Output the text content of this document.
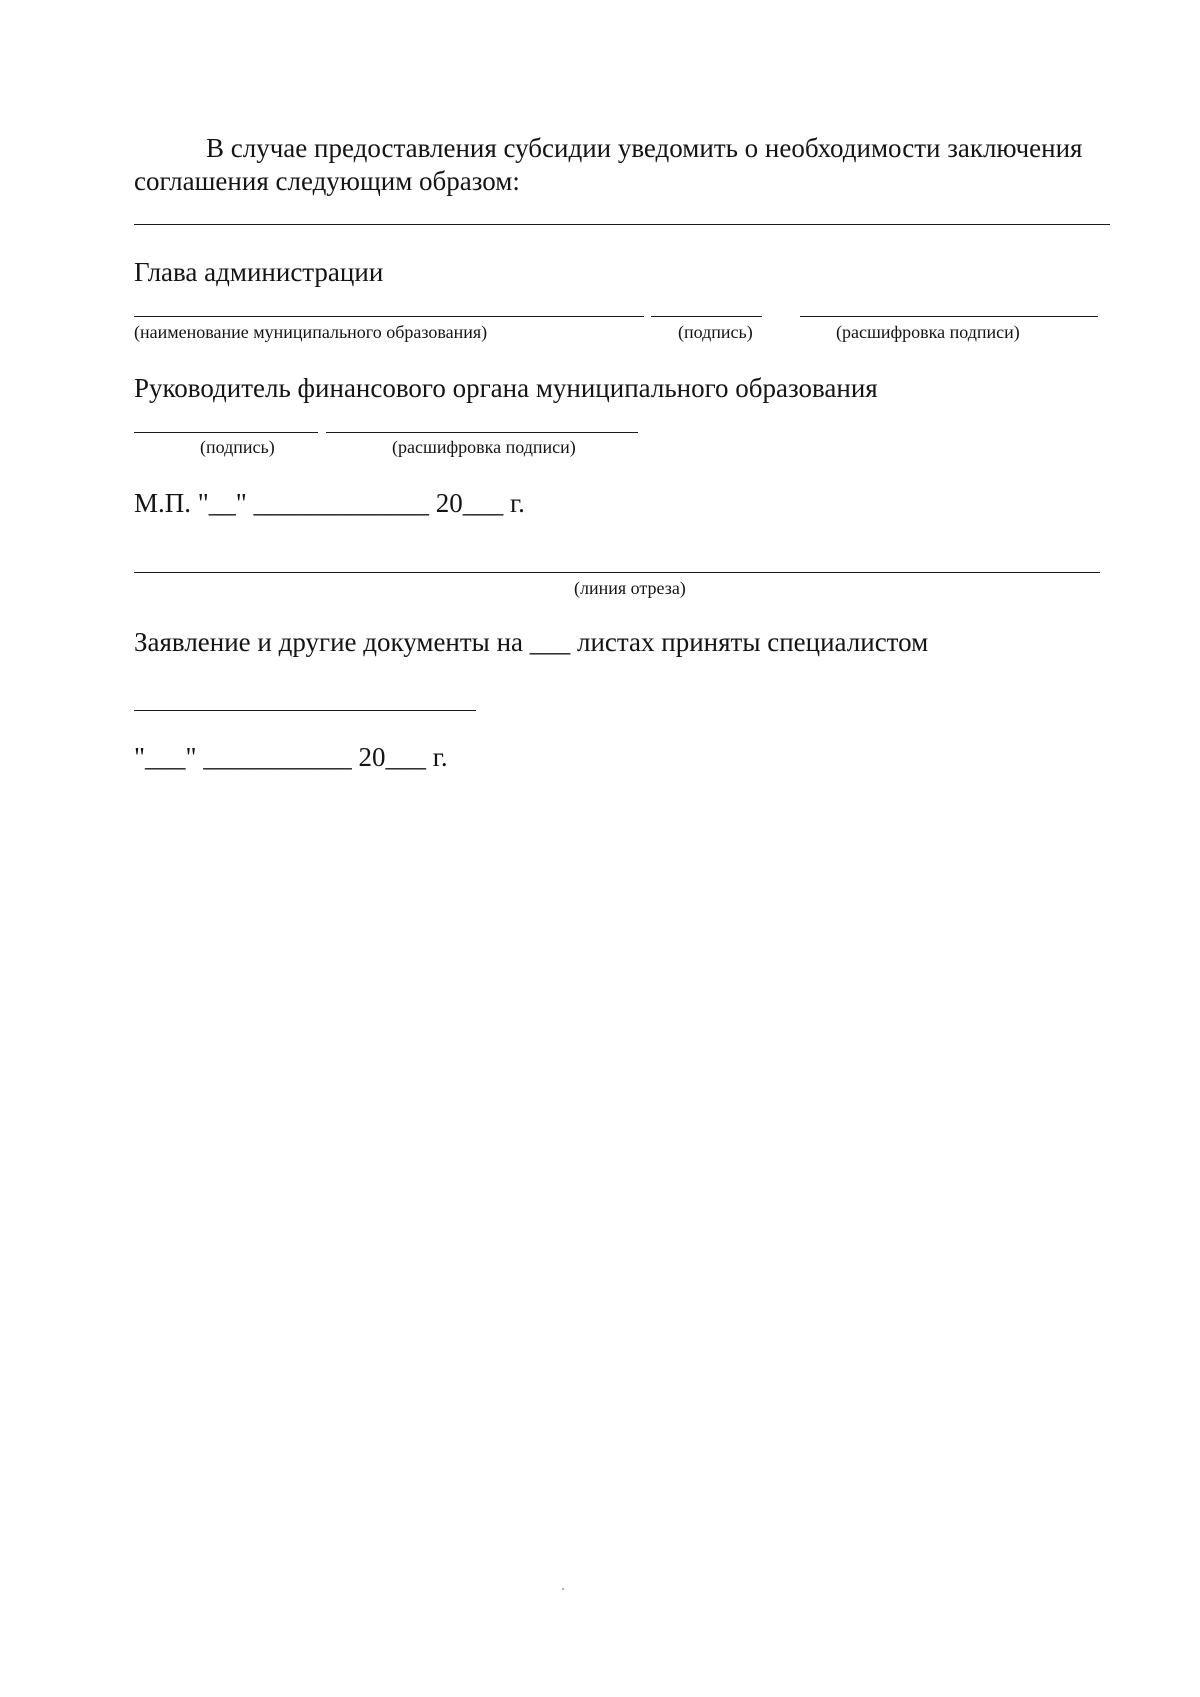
В случае предоставления субсидии уведомить о необходимости заключения
соглашения следующим образом:
Глава администрации
(наименование муниципального образования)	(подпись)	(расшифровка подписи)
Руководитель финансового органа муниципального образования
(подпись)	(расшифровка подписи)
М.П. "__" _____________ 20___ г.
(линия отреза)
Заявление и другие документы на ___ листах приняты специалистом
"___" ___________ 20___ г.
